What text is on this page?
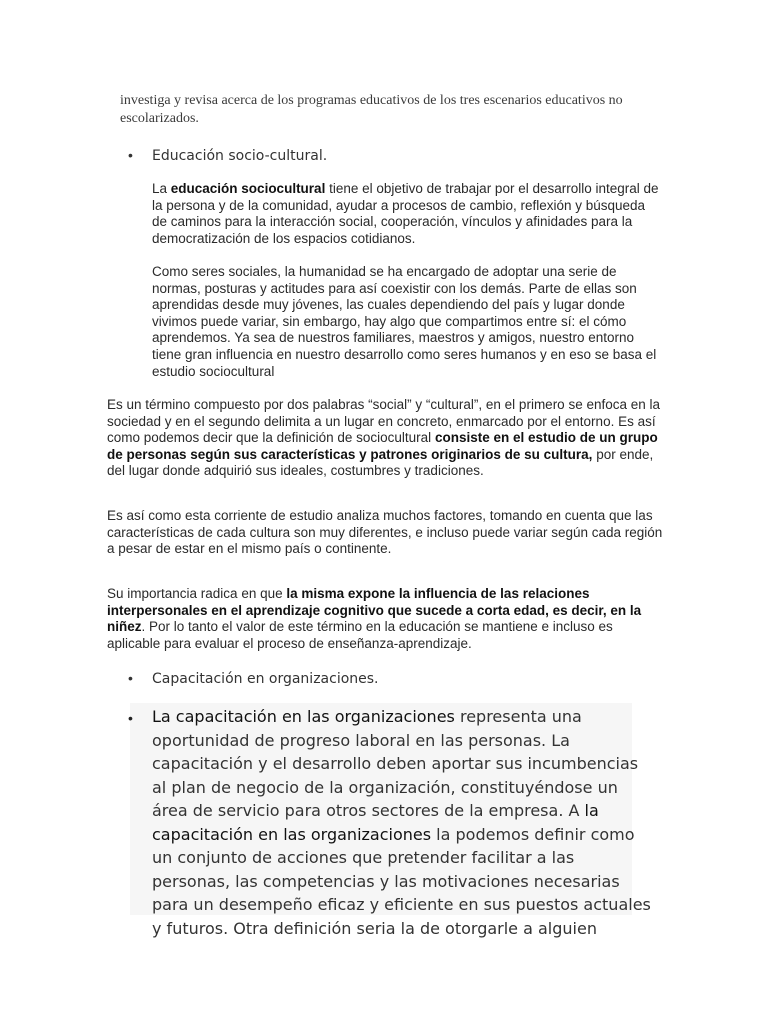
investiga y revisa acerca de los programas educativos de los tres escenarios educativos no escolarizados.

•	Educación socio-cultural.

La educación sociocultural tiene el objetivo de trabajar por el desarrollo integral de la persona y de la comunidad, ayudar a procesos de cambio, reflexión y búsqueda de caminos para la interacción social, cooperación, vínculos y afinidades para la democratización de los espacios cotidianos.

Como seres sociales, la humanidad se ha encargado de adoptar una serie de normas, posturas y actitudes para así coexistir con los demás. Parte de ellas son aprendidas desde muy jóvenes, las cuales dependiendo del país y lugar donde vivimos puede variar, sin embargo, hay algo que compartimos entre sí: el cómo aprendemos. Ya sea de nuestros familiares, maestros y amigos, nuestro entorno tiene gran influencia en nuestro desarrollo como seres humanos y en eso se basa el estudio sociocultural

Es un término compuesto por dos palabras “social” y “cultural”, en el primero se enfoca en la sociedad y en el segundo delimita a un lugar en concreto, enmarcado por el entorno. Es así como podemos decir que la definición de sociocultural consiste en el estudio de un grupo de personas según sus características y patrones originarios de su cultura, por ende, del lugar donde adquirió sus ideales, costumbres y tradiciones.

Es así como esta corriente de estudio analiza muchos factores, tomando en cuenta que las características de cada cultura son muy diferentes, e incluso puede variar según cada región a pesar de estar en el mismo país o continente.

Su importancia radica en que la misma expone la influencia de las relaciones interpersonales en el aprendizaje cognitivo que sucede a corta edad, es decir, en la niñez. Por lo tanto el valor de este término en la educación se mantiene e incluso es aplicable para evaluar el proceso de enseñanza-aprendizaje.

•	Capacitación en organizaciones.
• La capacitación en las organizaciones representa una oportunidad de progreso laboral en las personas. La capacitación y el desarrollo deben aportar sus incumbencias al plan de negocio de la organización, constituyéndose un área de servicio para otros sectores de la empresa. A la capacitación en las organizaciones la podemos definir como un conjunto de acciones que pretender facilitar a las personas, las competencias y las motivaciones necesarias para un desempeño eficaz y eficiente en sus puestos actuales y futuros. Otra definición seria la de otorgarle a alguien
